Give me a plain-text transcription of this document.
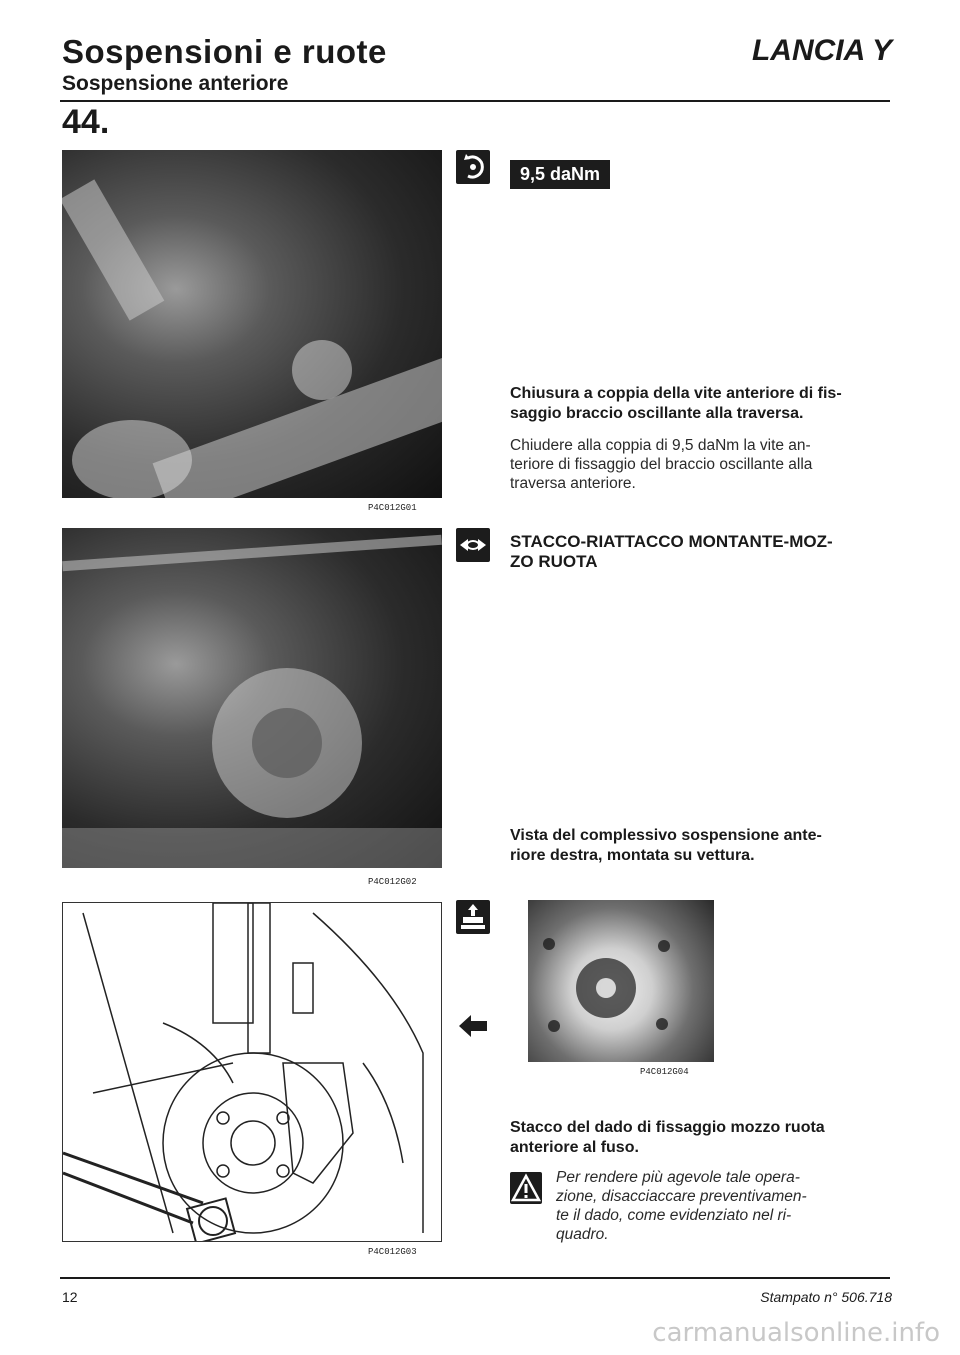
Sospensioni e ruote
Sospensione anteriore
LANCIA Y
44.
P4C012G01
P4C012G02
P4C012G03
9,5 daNm
Chiusura a coppia della vite anteriore di fis-
saggio braccio oscillante alla traversa.
Chiudere alla coppia di 9,5 daNm la vite an-
teriore di fissaggio del braccio oscillante alla
traversa anteriore.
STACCO-RIATTACCO MONTANTE-MOZ-
ZO RUOTA
Vista del complessivo sospensione ante-
riore destra, montata su vettura.
P4C012G04
Stacco del dado di fissaggio mozzo ruota
anteriore al fuso.
Per rendere più agevole tale opera-
zione, disacciaccare preventivamen-
te il dado, come evidenziato nel ri-
quadro.
12	Stampato n° 506.718
carmanualsonline.info
